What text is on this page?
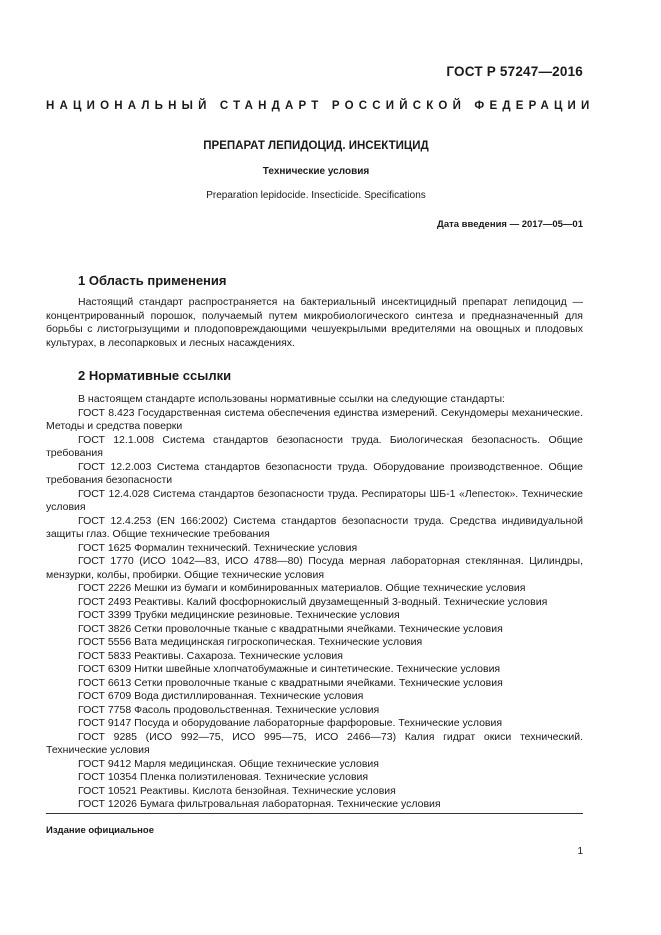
ГОСТ Р 57247—2016
НАЦИОНАЛЬНЫЙ СТАНДАРТ РОССИЙСКОЙ ФЕДЕРАЦИИ
ПРЕПАРАТ ЛЕПИДОЦИД. ИНСЕКТИЦИД
Технические условия
Preparation lepidocide. Insecticide. Specifications
Дата введения — 2017—05—01
1 Область применения

Настоящий стандарт распространяется на бактериальный инсектицидный препарат лепидоцид — концентрированный порошок, получаемый путем микробиологического синтеза и предназначенный для борьбы с листогрызущими и плодоповреждающими чешуекрылыми вредителями на овощных и плодовых культурах, в лесопарковых и лесных насаждениях.

2 Нормативные ссылки

В настоящем стандарте использованы нормативные ссылки на следующие стандарты:

ГОСТ 8.423 Государственная система обеспечения единства измерений. Секундомеры механические. Методы и средства поверки

ГОСТ 12.1.008 Система стандартов безопасности труда. Биологическая безопасность. Общие требования

ГОСТ 12.2.003 Система стандартов безопасности труда. Оборудование производственное. Общие требования безопасности

ГОСТ 12.4.028 Система стандартов безопасности труда. Респираторы ШБ-1 «Лепесток». Технические условия

ГОСТ 12.4.253 (EN 166:2002) Система стандартов безопасности труда. Средства индивидуальной защиты глаз. Общие технические требования

ГОСТ 1625 Формалин технический. Технические условия

ГОСТ 1770 (ИСО 1042—83, ИСО 4788—80) Посуда мерная лабораторная стеклянная. Цилиндры, мензурки, колбы, пробирки. Общие технические условия

ГОСТ 2226 Мешки из бумаги и комбинированных материалов. Общие технические условия

ГОСТ 2493 Реактивы. Калий фосфорнокислый двузамещенный 3-водный. Технические условия

ГОСТ 3399 Трубки медицинские резиновые. Технические условия

ГОСТ 3826 Сетки проволочные тканые с квадратными ячейками. Технические условия

ГОСТ 5556 Вата медицинская гигроскопическая. Технические условия

ГОСТ 5833 Реактивы. Сахароза. Технические условия

ГОСТ 6309 Нитки швейные хлопчатобумажные и синтетические. Технические условия

ГОСТ 6613 Сетки проволочные тканые с квадратными ячейками. Технические условия

ГОСТ 6709 Вода дистиллированная. Технические условия

ГОСТ 7758 Фасоль продовольственная. Технические условия

ГОСТ 9147 Посуда и оборудование лабораторные фарфоровые. Технические условия

ГОСТ 9285 (ИСО 992—75, ИСО 995—75, ИСО 2466—73) Калия гидрат окиси технический. Технические условия

ГОСТ 9412 Марля медицинская. Общие технические условия

ГОСТ 10354 Пленка полиэтиленовая. Технические условия

ГОСТ 10521 Реактивы. Кислота бензойная. Технические условия

ГОСТ 12026 Бумага фильтровальная лабораторная. Технические условия

Издание официальное
1
